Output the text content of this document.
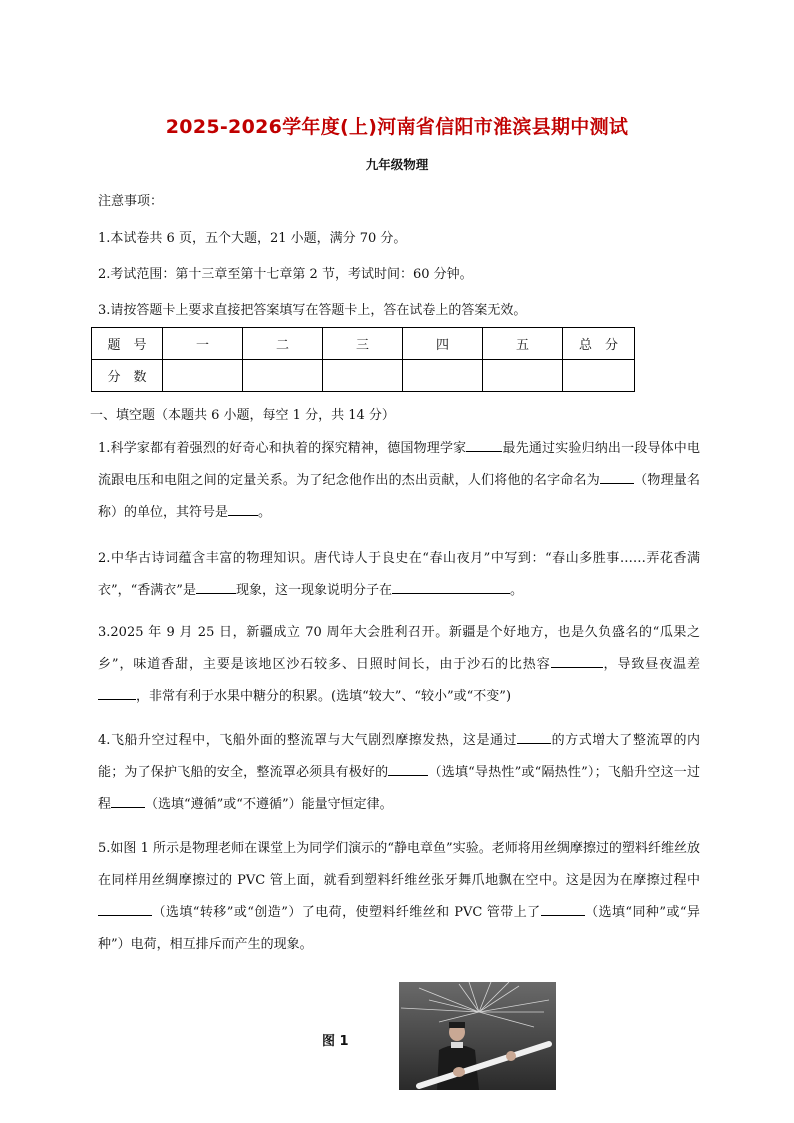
2025-2026学年度(上)河南省信阳市淮滨县期中测试
九年级物理
注意事项：
1.本试卷共 6 页，五个大题，21 小题，满分 70 分。
2.考试范围：第十三章至第十七章第 2 节，考试时间：60 分钟。
3.请按答题卡上要求直接把答案填写在答题卡上，答在试卷上的答案无效。
题　号	一	二	三	四	五	总　分
分　数						
一、填空题（本题共 6 小题，每空 1 分，共 14 分）
1.科学家都有着强烈的好奇心和执着的探究精神，德国物理学家	最先通过实验归纳出一段导体中电流跟电压和电阻之间的定量关系。为了纪念他作出的杰出贡献，人们将他的名字命名为	（物理量名称）的单位，其符号是 。
2.中华古诗词蕴含丰富的物理知识。唐代诗人于良史在“春山夜月”中写到：“春山多胜事……弄花香满衣”，“香满衣”是	现象，这一现象说明分子在	。
3.2025 年 9 月 25 日，新疆成立 70 周年大会胜利召开。新疆是个好地方，也是久负盛名的“瓜果之乡”，味道香甜，主要是该地区沙石较多、日照时间长，由于沙石的比热容	，导致昼夜温差，非常有利于水果中糖分的积累。(选填“较大”、“较小”或“不变”)
4.飞船升空过程中，飞船外面的整流罩与大气剧烈摩擦发热，这是通过	的方式增大了整流罩的内能；为了保护飞船的安全，整流罩必须具有极好的	（选填“导热性”或“隔热性”）；飞船升空这一过程	（选填“遵循”或“不遵循”）能量守恒定律。
5.如图 1 所示是物理老师在课堂上为同学们演示的“静电章鱼”实验。老师将用丝绸摩擦过的塑料纤维丝放在同样用丝绸摩擦过的 PVC 管上面，就看到塑料纤维丝张牙舞爪地飘在空中。这是因为在摩擦过程中（选填“转移”或“创造”）了电荷，使塑料纤维丝和 PVC 管带上了	（选填“同种”或“异种”）电荷，相互排斥而产生的现象。
图 1
